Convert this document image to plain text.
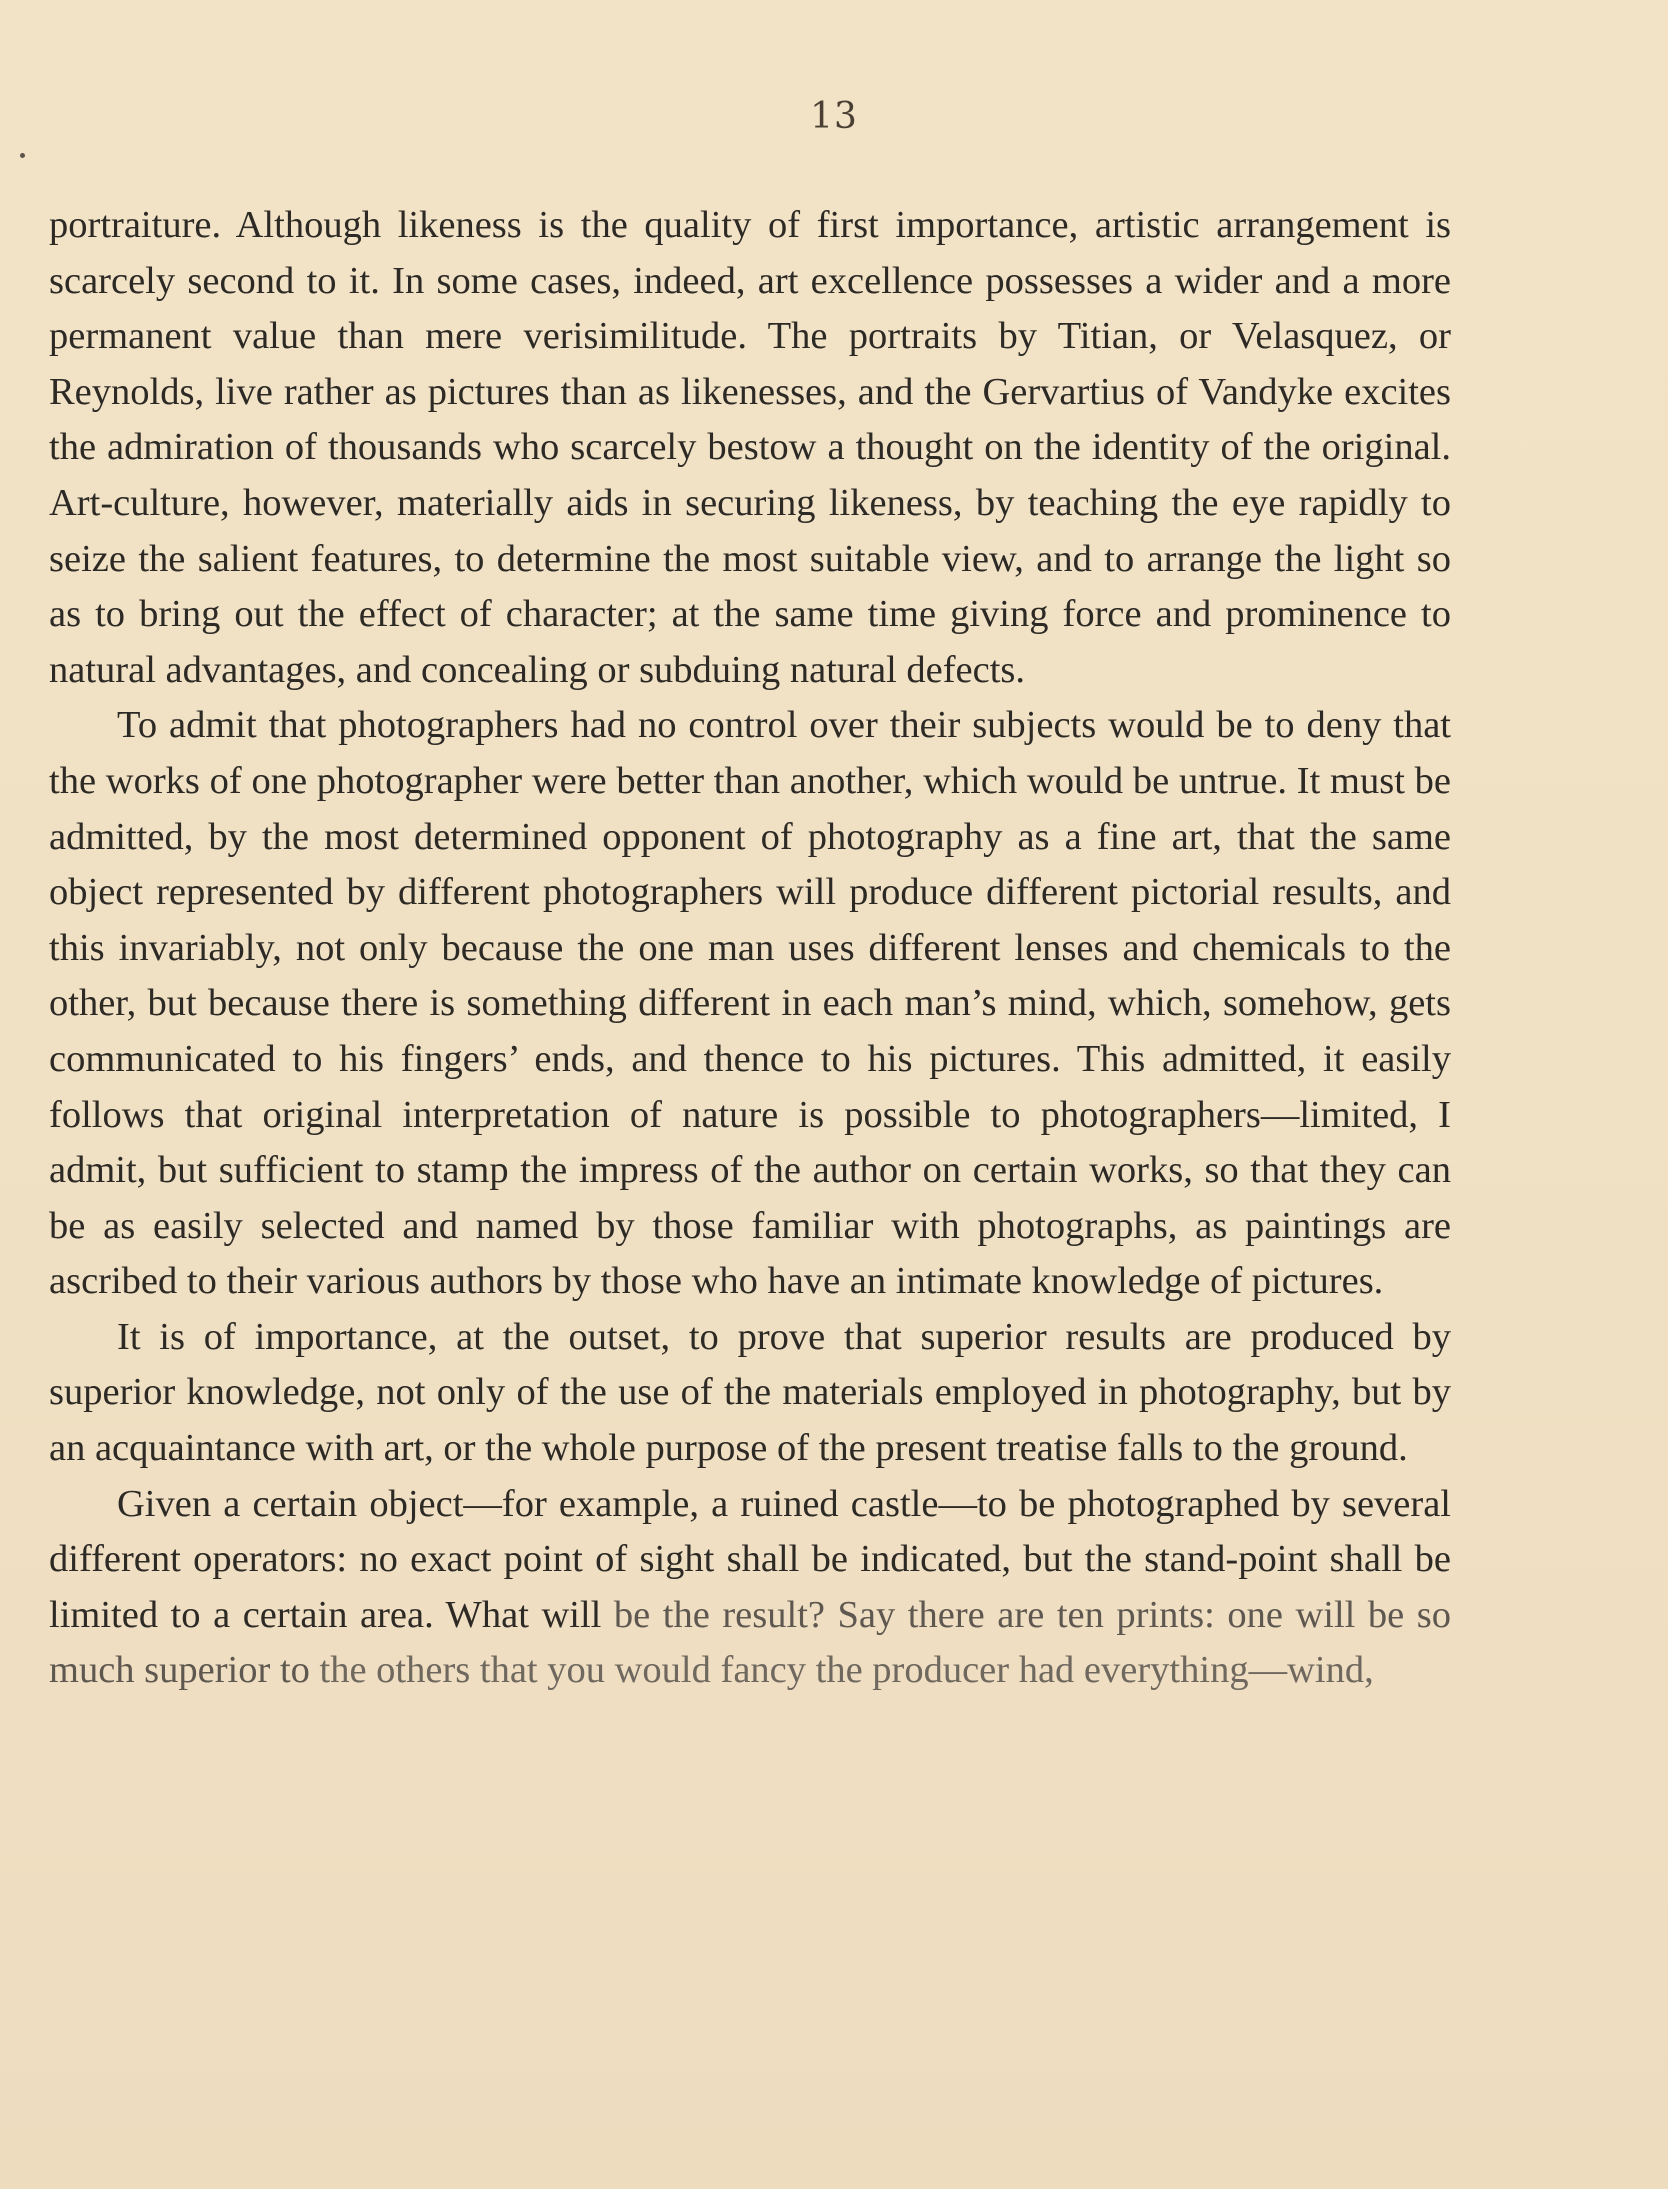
13

portraiture. Although likeness is the quality of first importance, artistic arrangement is scarcely second to it. In some cases, indeed, art excellence possesses a wider and a more permanent value than mere verisimilitude. The portraits by Titian, or Velasquez, or Reynolds, live rather as pictures than as likenesses, and the Gervartius of Vandyke excites the admiration of thousands who scarcely bestow a thought on the identity of the original. Art-culture, however, materially aids in securing likeness, by teaching the eye rapidly to seize the salient features, to determine the most suitable view, and to arrange the light so as to bring out the effect of character; at the same time giving force and prominence to natural advantages, and concealing or subduing natural defects.

To admit that photographers had no control over their subjects would be to deny that the works of one photographer were better than another, which would be untrue. It must be admitted, by the most determined opponent of photography as a fine art, that the same object represented by different photographers will produce different pictorial results, and this invariably, not only because the one man uses different lenses and chemicals to the other, but because there is something different in each man’s mind, which, somehow, gets communicated to his fingers’ ends, and thence to his pictures. This admitted, it easily follows that original interpretation of nature is possible to photographers—limited, I admit, but sufficient to stamp the impress of the author on certain works, so that they can be as easily selected and named by those familiar with photographs, as paintings are ascribed to their various authors by those who have an intimate knowledge of pictures.

It is of importance, at the outset, to prove that superior results are produced by superior knowledge, not only of the use of the materials employed in photography, but by an acquaintance with art, or the whole purpose of the present treatise falls to the ground.

Given a certain object—for example, a ruined castle—to be photographed by several different operators: no exact point of sight shall be indicated, but the stand-point shall be limited to a certain area. What will be the result? Say there are ten prints: one will be so much superior to the others that you would fancy the producer had everything—wind,
